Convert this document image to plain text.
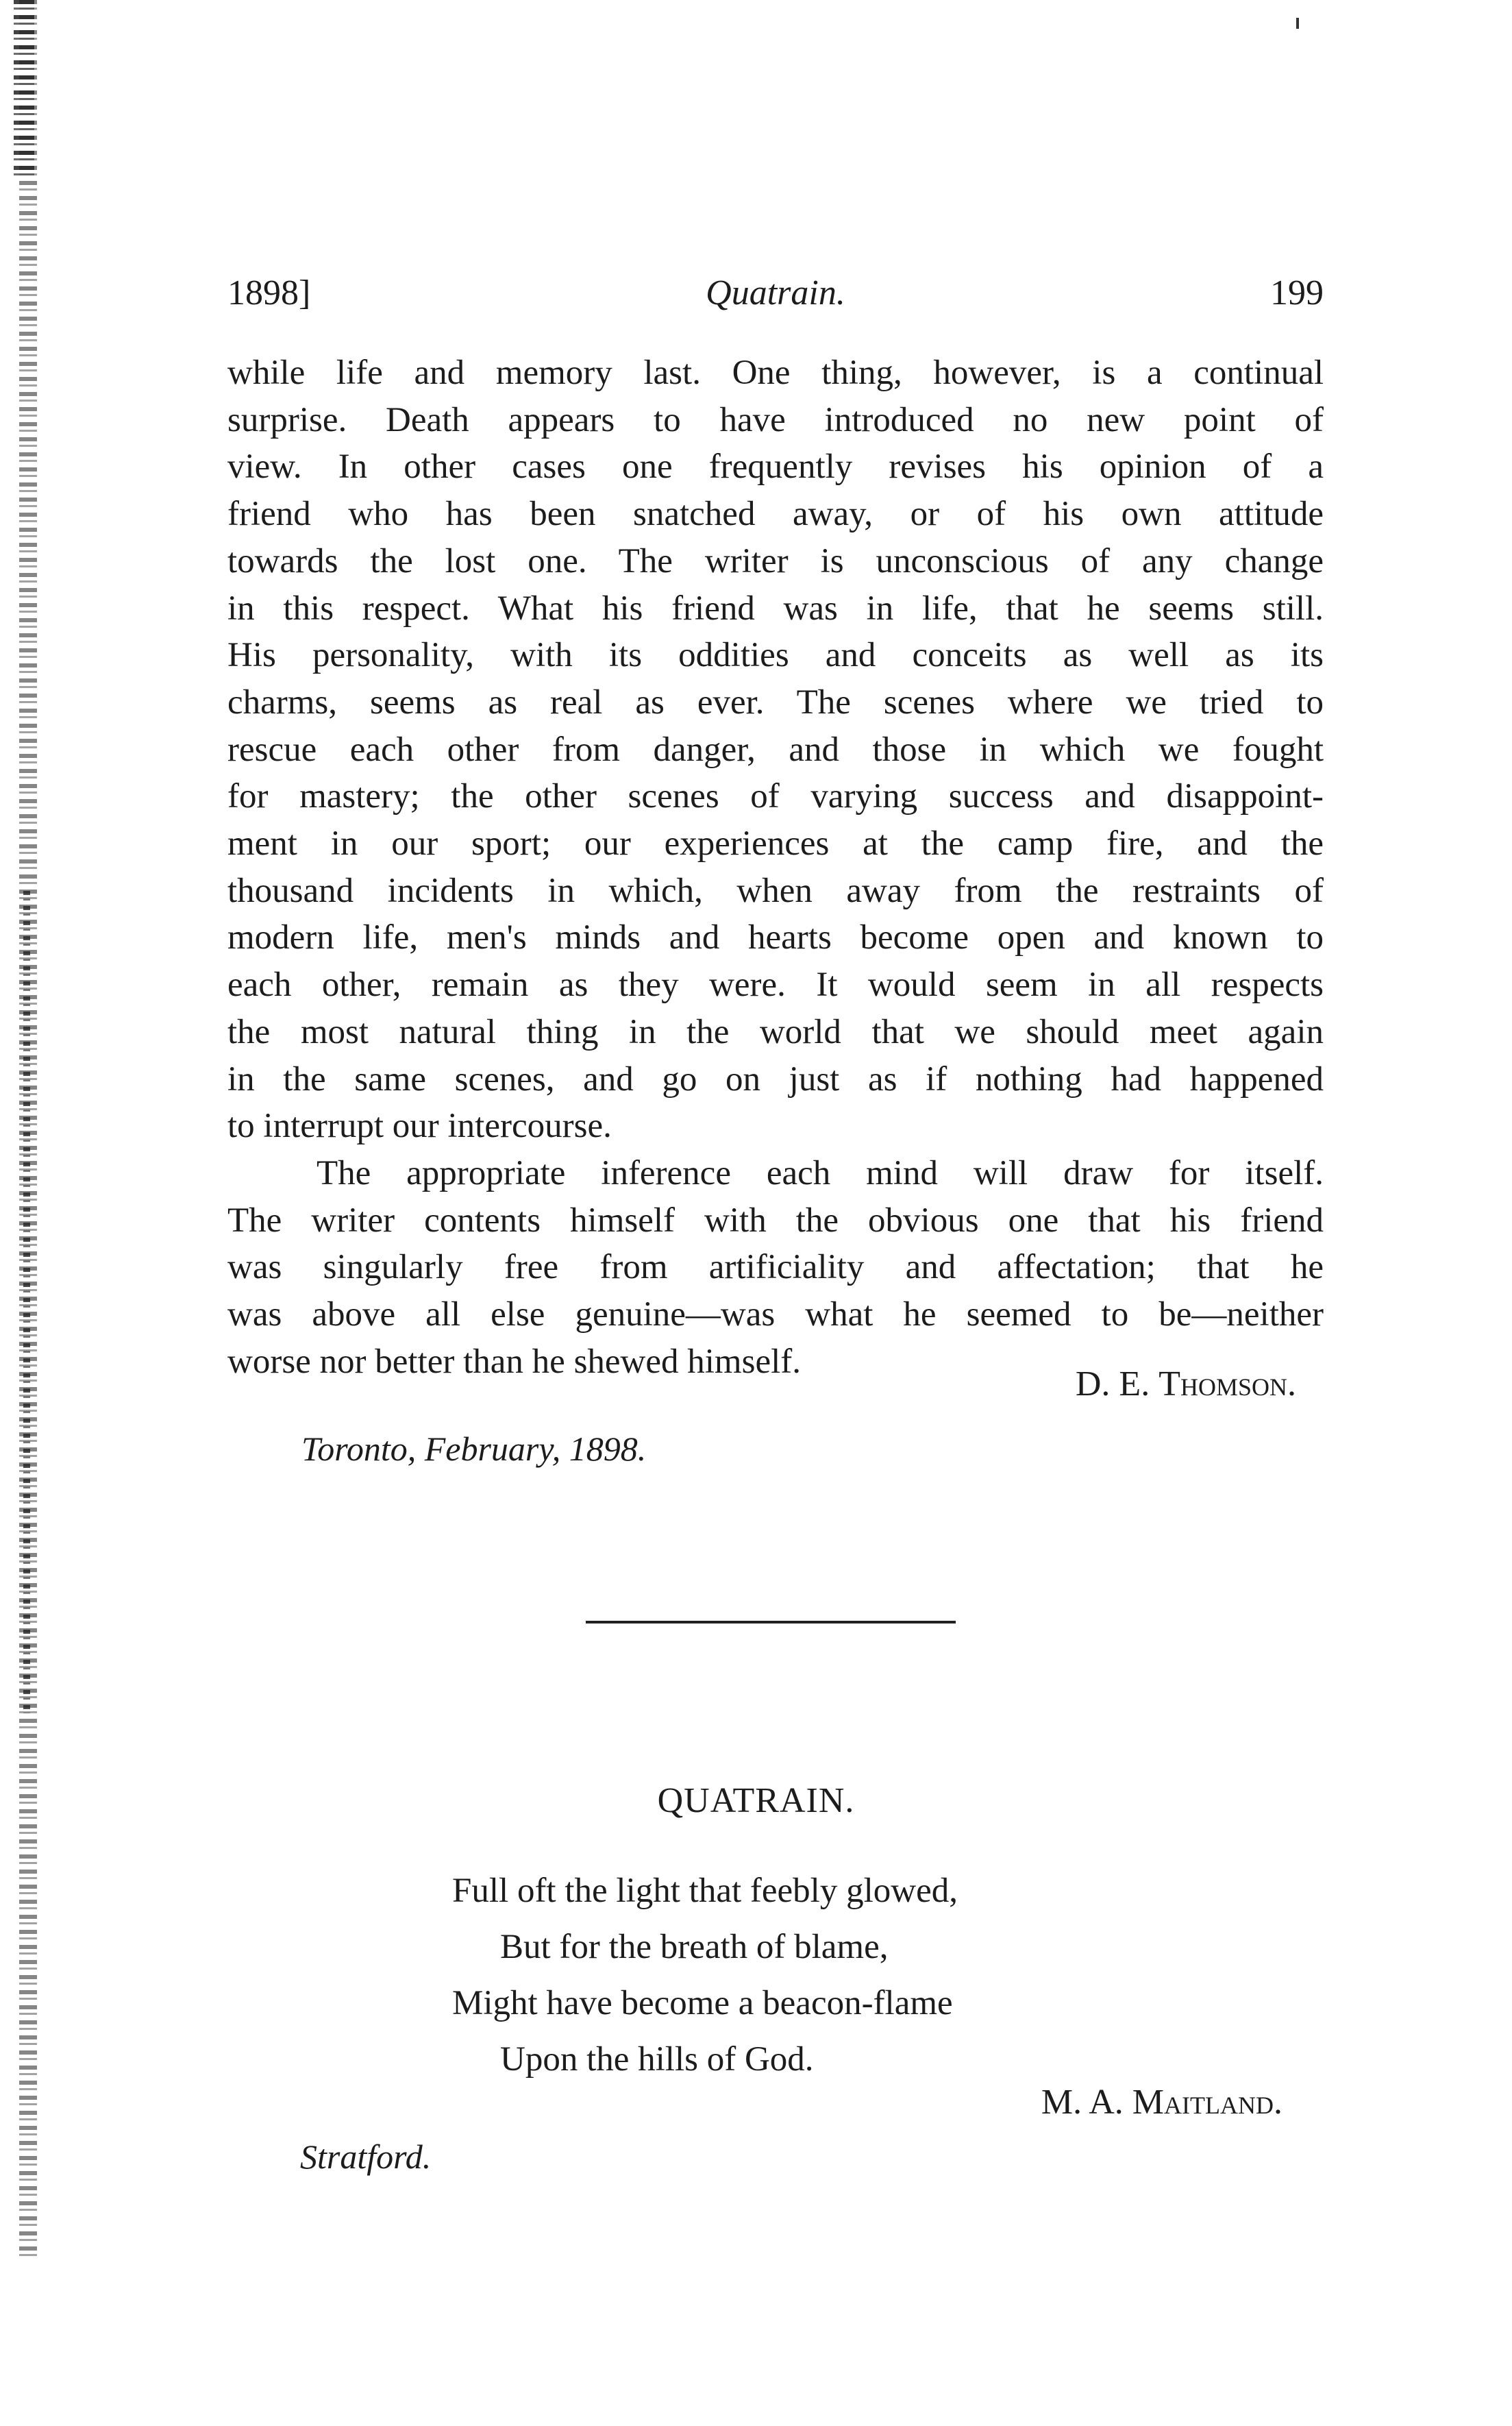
1898]	Quatrain.	199
while life and memory last. One thing, however, is a continual
surprise. Death appears to have introduced no new point of
view. In other cases one frequently revises his opinion of a
friend who has been snatched away, or of his own attitude
towards the lost one. The writer is unconscious of any change
in this respect. What his friend was in life, that he seems still.
His personality, with its oddities and conceits as well as its
charms, seems as real as ever. The scenes where we tried to
rescue each other from danger, and those in which we fought
for mastery; the other scenes of varying success and disappoint-
ment in our sport; our experiences at the camp fire, and the
thousand incidents in which, when away from the restraints of
modern life, men's minds and hearts become open and known to
each other, remain as they were. It would seem in all respects
the most natural thing in the world that we should meet again
in the same scenes, and go on just as if nothing had happened
to interrupt our intercourse.
The appropriate inference each mind will draw for itself.
The writer contents himself with the obvious one that his friend
was singularly free from artificiality and affectation; that he
was above all else genuine—was what he seemed to be—neither
worse nor better than he shewed himself.
D. E. Thomson.
Toronto, February, 1898.
QUATRAIN.
Full oft the light that feebly glowed,
But for the breath of blame,
Might have become a beacon-flame
Upon the hills of God.
M. A. Maitland.
Stratford.
